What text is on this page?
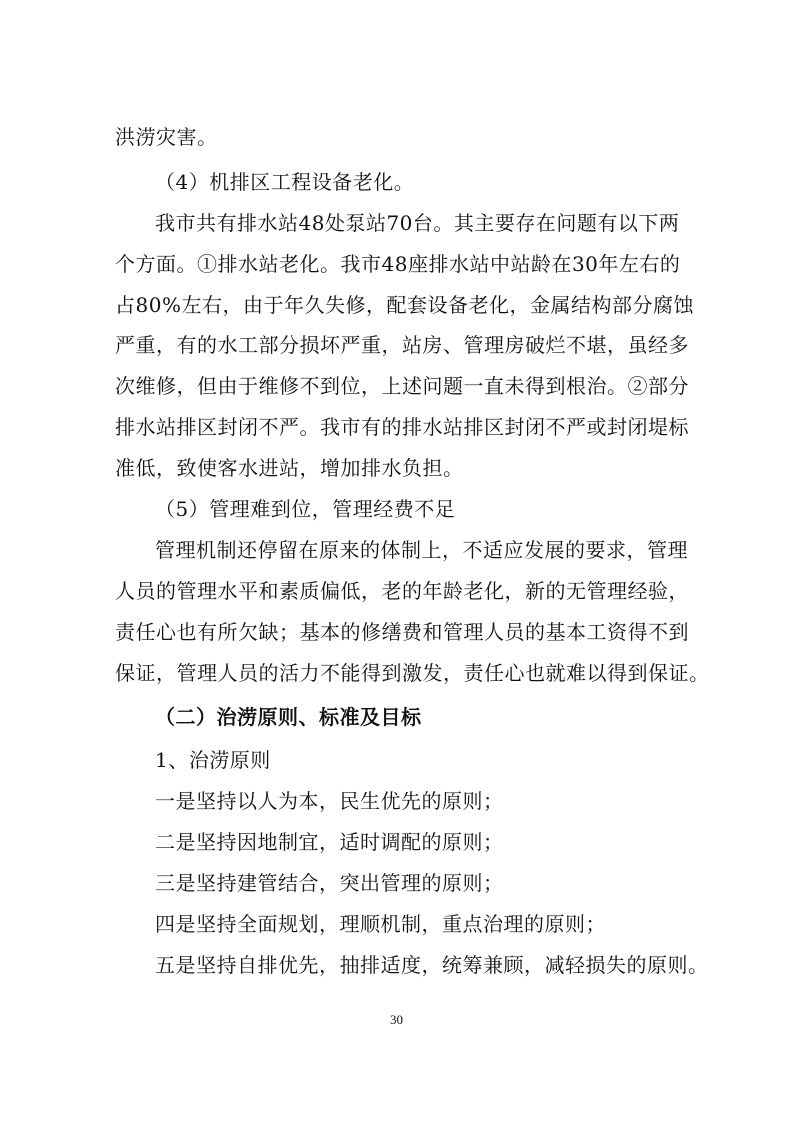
洪涝灾害。
（4）机排区工程设备老化。
我市共有排水站48处泵站70台。其主要存在问题有以下两
个方面。①排水站老化。我市48座排水站中站龄在30年左右的
占80%左右，由于年久失修，配套设备老化，金属结构部分腐蚀
严重，有的水工部分损坏严重，站房、管理房破烂不堪，虽经多
次维修，但由于维修不到位，上述问题一直未得到根治。②部分
排水站排区封闭不严。我市有的排水站排区封闭不严或封闭堤标
准低，致使客水进站，增加排水负担。
（5）管理难到位，管理经费不足
管理机制还停留在原来的体制上，不适应发展的要求，管理
人员的管理水平和素质偏低，老的年龄老化，新的无管理经验，
责任心也有所欠缺；基本的修缮费和管理人员的基本工资得不到
保证，管理人员的活力不能得到激发，责任心也就难以得到保证。
（二）治涝原则、标准及目标
1、治涝原则
一是坚持以人为本，民生优先的原则；
二是坚持因地制宜，适时调配的原则；
三是坚持建管结合，突出管理的原则；
四是坚持全面规划，理顺机制，重点治理的原则；
五是坚持自排优先，抽排适度，统筹兼顾，减轻损失的原则。
30
